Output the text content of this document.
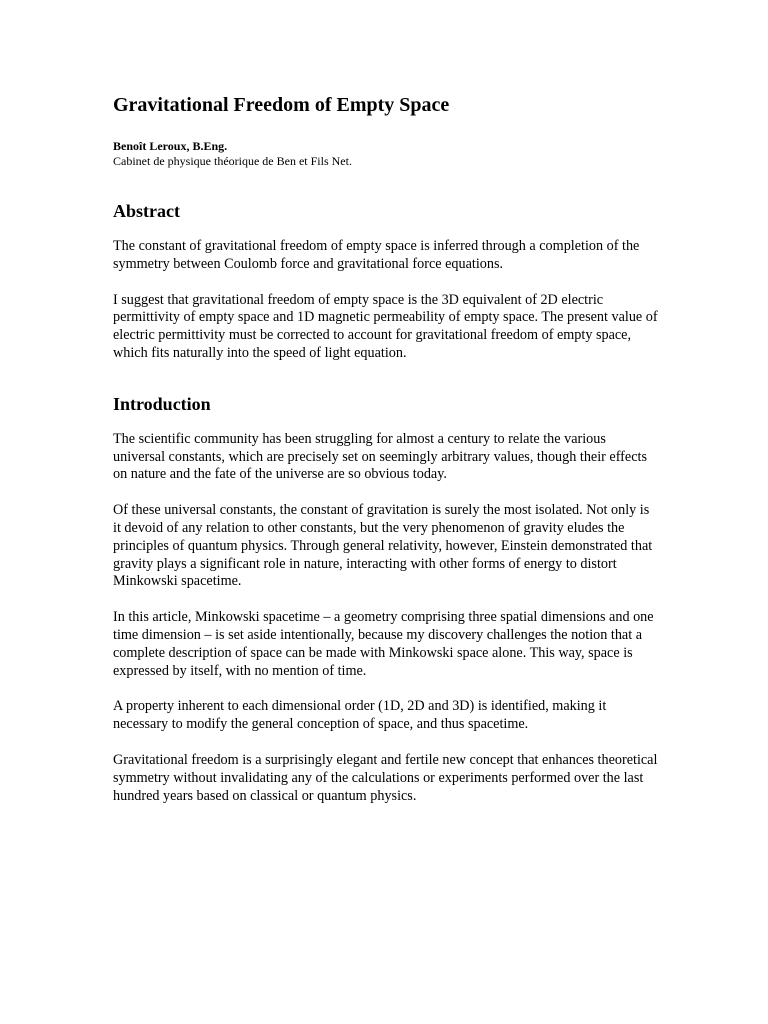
Gravitational Freedom of Empty Space

Benoît Leroux, B.Eng.

Cabinet de physique théorique de Ben et Fils Net.

Abstract

The constant of gravitational freedom of empty space is inferred through a completion of the symmetry between Coulomb force and gravitational force equations.

I suggest that gravitational freedom of empty space is the 3D equivalent of 2D electric permittivity of empty space and 1D magnetic permeability of empty space. The present value of electric permittivity must be corrected to account for gravitational freedom of empty space, which fits naturally into the speed of light equation.

Introduction

The scientific community has been struggling for almost a century to relate the various universal constants, which are precisely set on seemingly arbitrary values, though their effects on nature and the fate of the universe are so obvious today.

Of these universal constants, the constant of gravitation is surely the most isolated. Not only is it devoid of any relation to other constants, but the very phenomenon of gravity eludes the principles of quantum physics. Through general relativity, however, Einstein demonstrated that gravity plays a significant role in nature, interacting with other forms of energy to distort Minkowski spacetime.

In this article, Minkowski spacetime – a geometry comprising three spatial dimensions and one time dimension – is set aside intentionally, because my discovery challenges the notion that a complete description of space can be made with Minkowski space alone. This way, space is expressed by itself, with no mention of time.

A property inherent to each dimensional order (1D, 2D and 3D) is identified, making it necessary to modify the general conception of space, and thus spacetime.

Gravitational freedom is a surprisingly elegant and fertile new concept that enhances theoretical symmetry without invalidating any of the calculations or experiments performed over the last hundred years based on classical or quantum physics.
